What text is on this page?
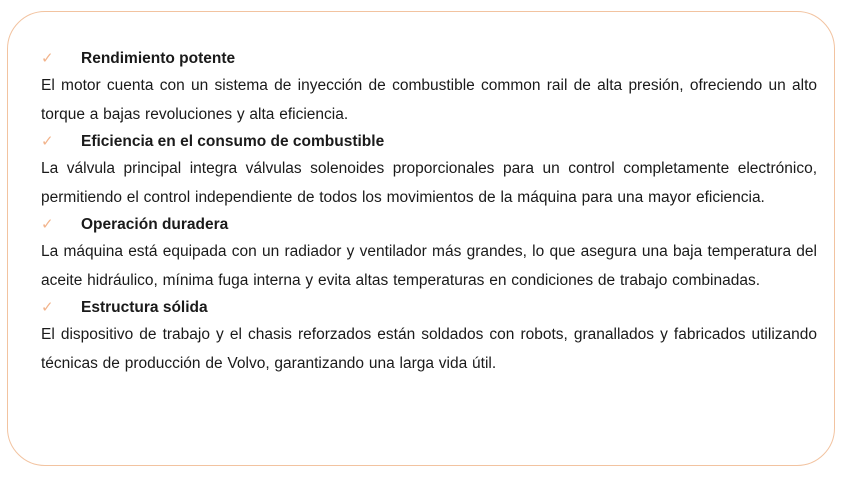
✓ Rendimiento potente

El motor cuenta con un sistema de inyección de combustible common rail de alta presión, ofreciendo un alto torque a bajas revoluciones y alta eficiencia.

✓ Eficiencia en el consumo de combustible

La válvula principal integra válvulas solenoides proporcionales para un control completamente electrónico, permitiendo el control independiente de todos los movimientos de la máquina para una mayor eficiencia.

✓ Operación duradera

La máquina está equipada con un radiador y ventilador más grandes, lo que asegura una baja temperatura del aceite hidráulico, mínima fuga interna y evita altas temperaturas en condiciones de trabajo combinadas.

✓ Estructura sólida

El dispositivo de trabajo y el chasis reforzados están soldados con robots, granallados y fabricados utilizando técnicas de producción de Volvo, garantizando una larga vida útil.
